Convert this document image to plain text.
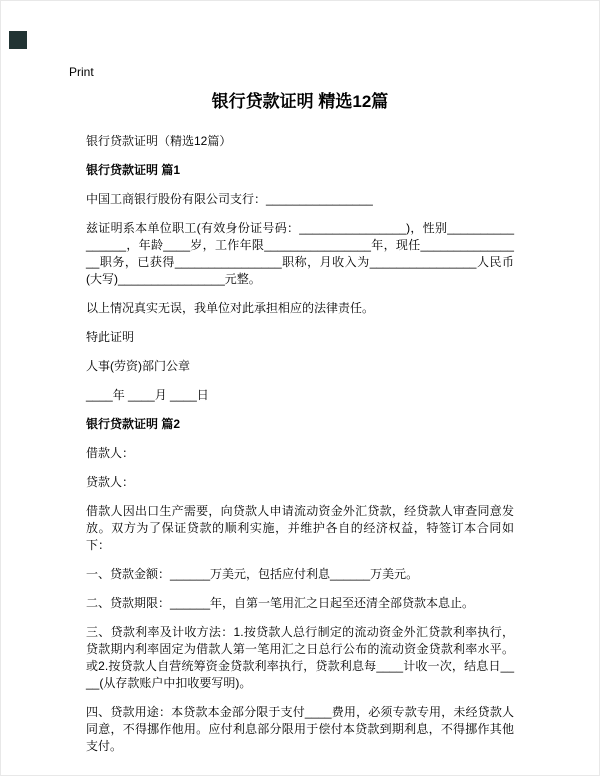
Print
银行贷款证明 精选12篇

银行贷款证明（精选12篇）

银行贷款证明 篇1

中国工商银行股份有限公司支行：________________

兹证明系本单位职工(有效身份证号码：________________)，性别________________，年龄____岁，工作年限________________年，现任________________职务，已获得________________职称，月收入为________________人民币(大写)________________元整。

以上情况真实无误，我单位对此承担相应的法律责任。

特此证明

人事(劳资)部门公章

____年 ____月 ____日

银行贷款证明 篇2

借款人：

贷款人：

借款人因出口生产需要，向贷款人申请流动资金外汇贷款，经贷款人审查同意发放。双方为了保证贷款的顺利实施，并维护各自的经济权益，特签订本合同如下：

一、贷款金额：______万美元，包括应付利息______万美元。

二、贷款期限：______年，自第一笔用汇之日起至还清全部贷款本息止。

三、贷款利率及计收方法：1.按贷款人总行制定的流动资金外汇贷款利率执行，贷款期内利率固定为借款人第一笔用汇之日总行公布的流动资金贷款利率水平。或2.按贷款人自营统筹资金贷款利率执行，贷款利息每____计收一次，结息日____(从存款账户中扣收要写明)。

四、贷款用途：本贷款本金部分限于支付____费用，必须专款专用，未经贷款人同意，不得挪作他用。应付利息部分限用于偿付本贷款到期利息，不得挪作其他支付。
